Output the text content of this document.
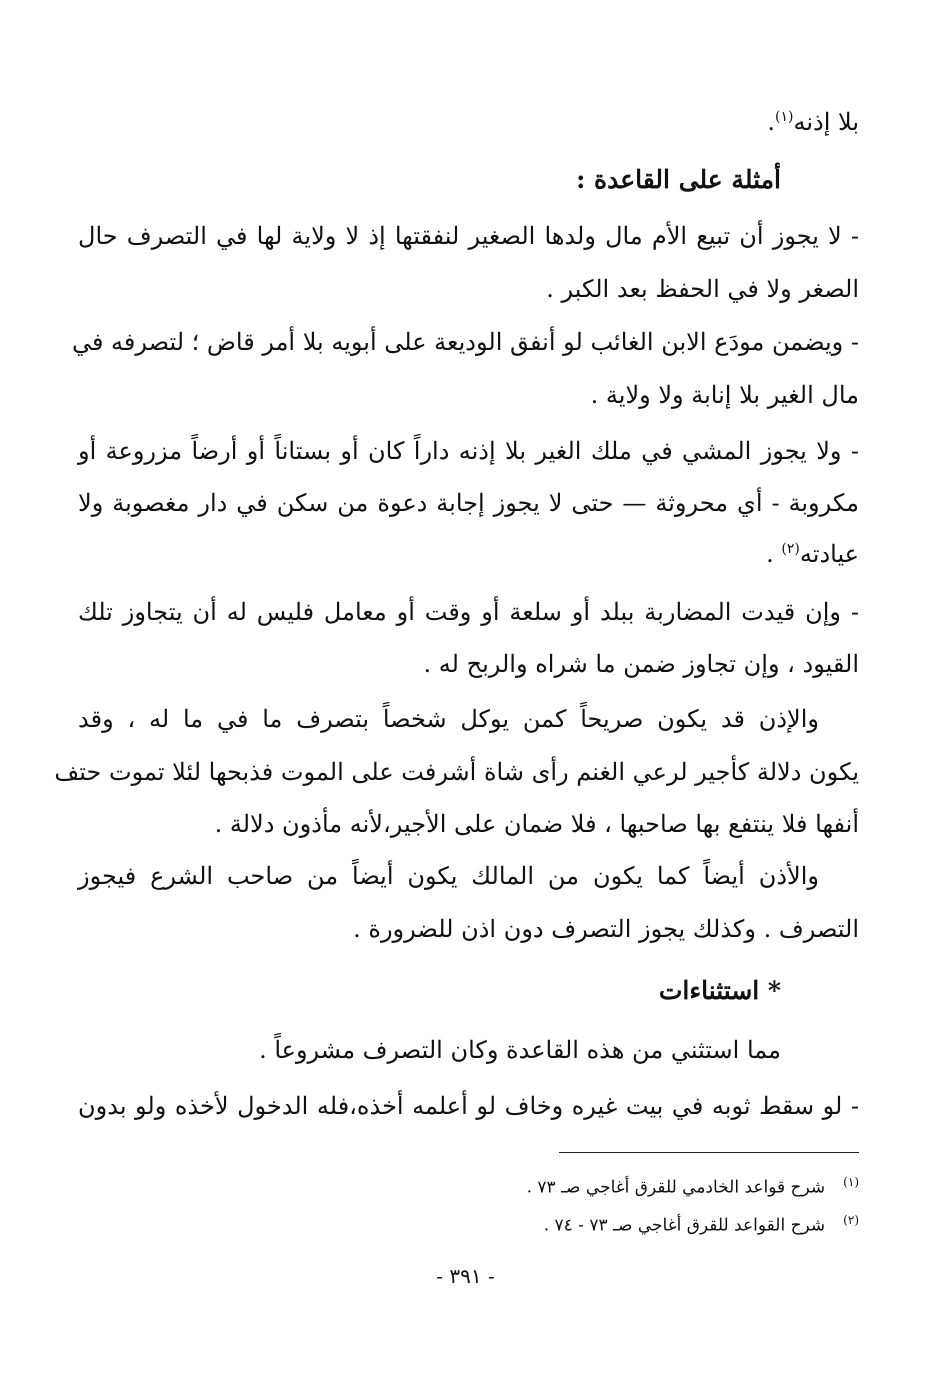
بلا إذنه$^{(١)}$.
أمثلة على القاعدة :
- لا يجوز أن تبيع الأم مال ولدها الصغير لنفقتها إذ لا ولاية لها في التصرف حال
الصغر ولا في الحفظ بعد الكبر .
- ويضمن مودَع الابن الغائب لو أنفق الوديعة على أبويه بلا أمر قاض ؛ لتصرفه في
مال الغير بلا إنابة ولا ولاية .
- ولا يجوز المشي في ملك الغير بلا إذنه داراً كان أو بستاناً أو أرضاً مزروعة أو
مكروبة - أي محروثة — حتى لا يجوز إجابة دعوة من سكن في دار مغصوبة ولا
عيادته$^{(٢)}$ .
- وإن قيدت المضاربة ببلد أو سلعة أو وقت أو معامل فليس له أن يتجاوز تلك
القيود ، وإن تجاوز ضمن ما شراه والربح له .
والإذن قد يكون صريحاً كمن يوكل شخصاً بتصرف ما في ما له ، وقد
يكون دلالة كأجير لرعي الغنم رأى شاة أشرفت على الموت فذبحها لئلا تموت حتف
أنفها فلا ينتفع بها صاحبها ، فلا ضمان على الأجير،لأنه مأذون دلالة .
والأذن أيضاً كما يكون من المالك يكون أيضاً من صاحب الشرع فيجوز
التصرف . وكذلك يجوز التصرف دون اذن للضرورة .
* استثناءات
مما استثني من هذه القاعدة وكان التصرف مشروعاً .
- لو سقط ثوبه في بيت غيره وخاف لو أعلمه أخذه،فله الدخول لأخذه ولو بدون
$^{(١)}$شرح قواعد الخادمي للقرق أغاجي صـ ٧٣ .
$^{(٢)}$شرح القواعد للقرق أغاجي صـ ٧٣ - ٧٤ .
- ٣٩١ -
